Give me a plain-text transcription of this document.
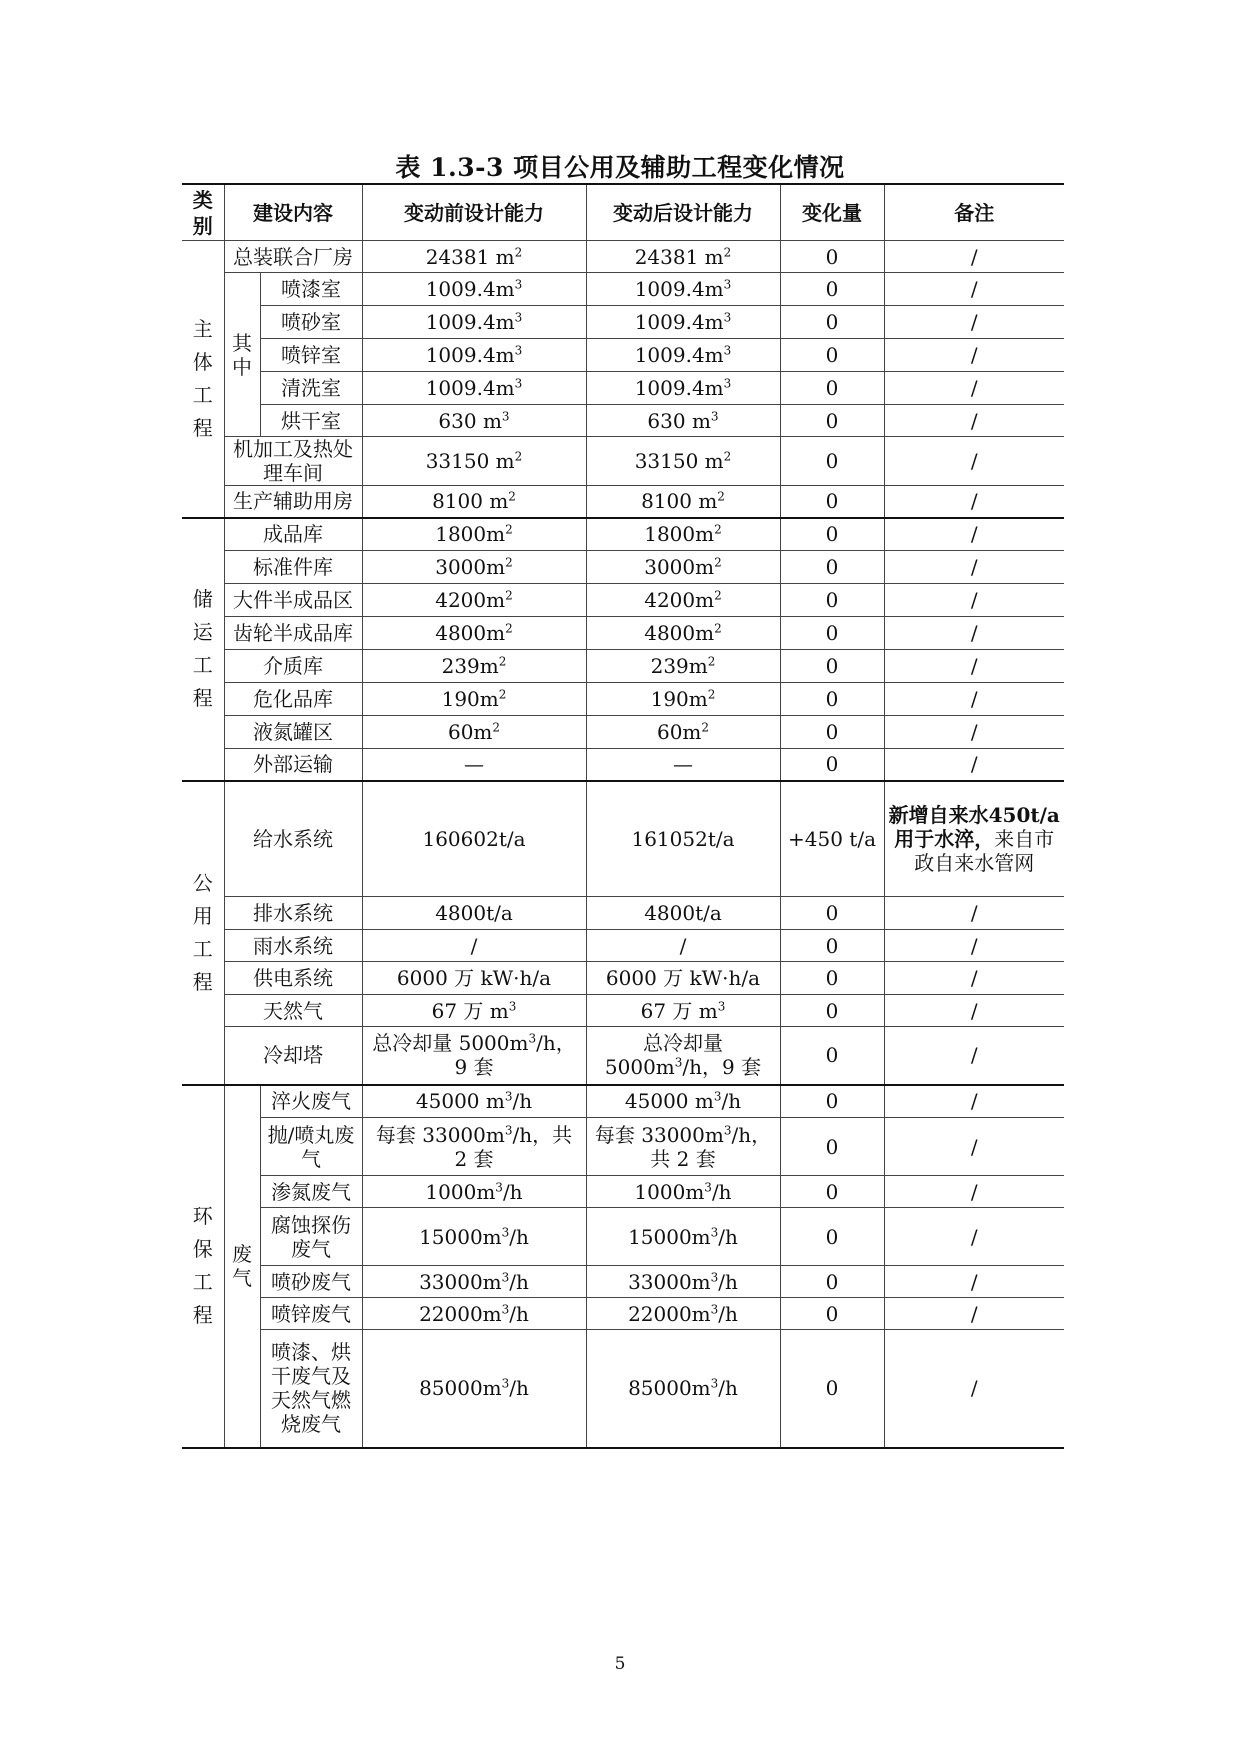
表 1.3-3 项目公用及辅助工程变化情况
类别	建设内容		变动前设计能力	变动后设计能力	变化量	备注
主体工程	总装联合厂房		24381 $m^2$	24381 $m^2$	0	/
	其中	喷漆室	$1009.4m^3$	$1009.4m^3$	0	/
		喷砂室	$1009.4m^3$	$1009.4m^3$	0	/
		喷锌室	$1009.4m^3$	$1009.4m^3$	0	/
		清洗室	$1009.4m^3$	$1009.4m^3$	0	/
		烘干室	630 $m^3$	630 $m^3$	0	/
	机加工及热处理车间		33150 $m^2$	33150 $m^2$	0	/
	生产辅助用房		8100 $m^2$	8100 $m^2$	0	/
储运工程	成品库		$1800m^2$	$1800m^2$	0	/
	标准件库		$3000m^2$	$3000m^2$	0	/
	大件半成品区		$4200m^2$	$4200m^2$	0	/
	齿轮半成品库		$4800m^2$	$4800m^2$	0	/
	介质库		$239m^2$	$239m^2$	0	/
	危化品库		$190m^2$	$190m^2$	0	/
	液氮罐区		$60m^2$	$60m^2$	0	/
	外部运输		—	—	0	/
公用工程	给水系统		160602t/a	161052t/a	+450 t/a	新增自来水450t/a 用于水淬，来自市政自来水管网
	排水系统		4800t/a	4800t/a	0	/
	雨水系统		/	/	0	/
	供电系统		6000 万 kW·h/a	6000 万 kW·h/a	0	/
	天然气		67 万 $m^3$	67 万 $m^3$	0	/
	冷却塔		总冷却量 $5000m^3/h$，9 套	总冷却量 $5000m^3/h$，9 套	0	/
环保工程	废气	淬火废气	45000 $m^3/h$	45000 $m^3/h$	0	/
		抛/喷丸废气	每套 $33000m^3/h$，共 2 套	每套 $33000m^3/h$，共 2 套	0	/
		渗氮废气	$1000m^3/h$	$1000m^3/h$	0	/
		腐蚀探伤废气	$15000m^3/h$	$15000m^3/h$	0	/
		喷砂废气	$33000m^3/h$	$33000m^3/h$	0	/
		喷锌废气	$22000m^3/h$	$22000m^3/h$	0	/
		喷漆、烘干废气及天然气燃烧废气	$85000m^3/h$	$85000m^3/h$	0	/
5
